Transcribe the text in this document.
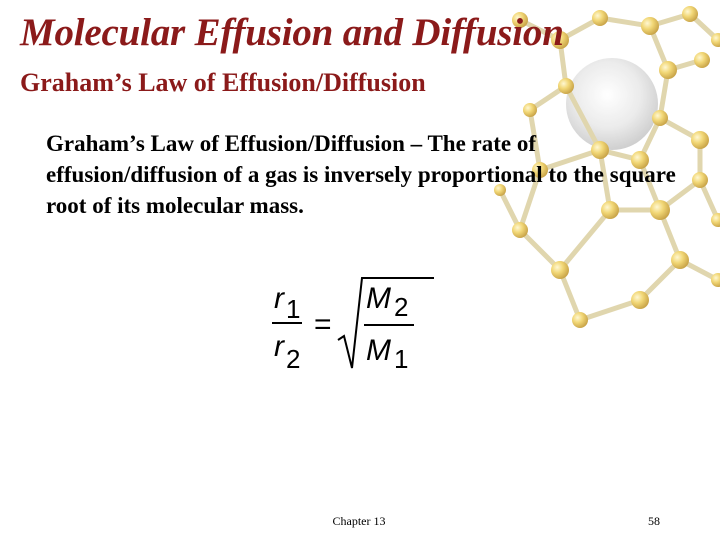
Molecular Effusion and Diffusion
Graham’s Law of Effusion/Diffusion

Graham’s Law of Effusion/Diffusion – The rate of effusion/diffusion of a gas is inversely proportional to the square root of its molecular mass.

r 1
r 2
=
M 2
M 1
Chapter 13	58
